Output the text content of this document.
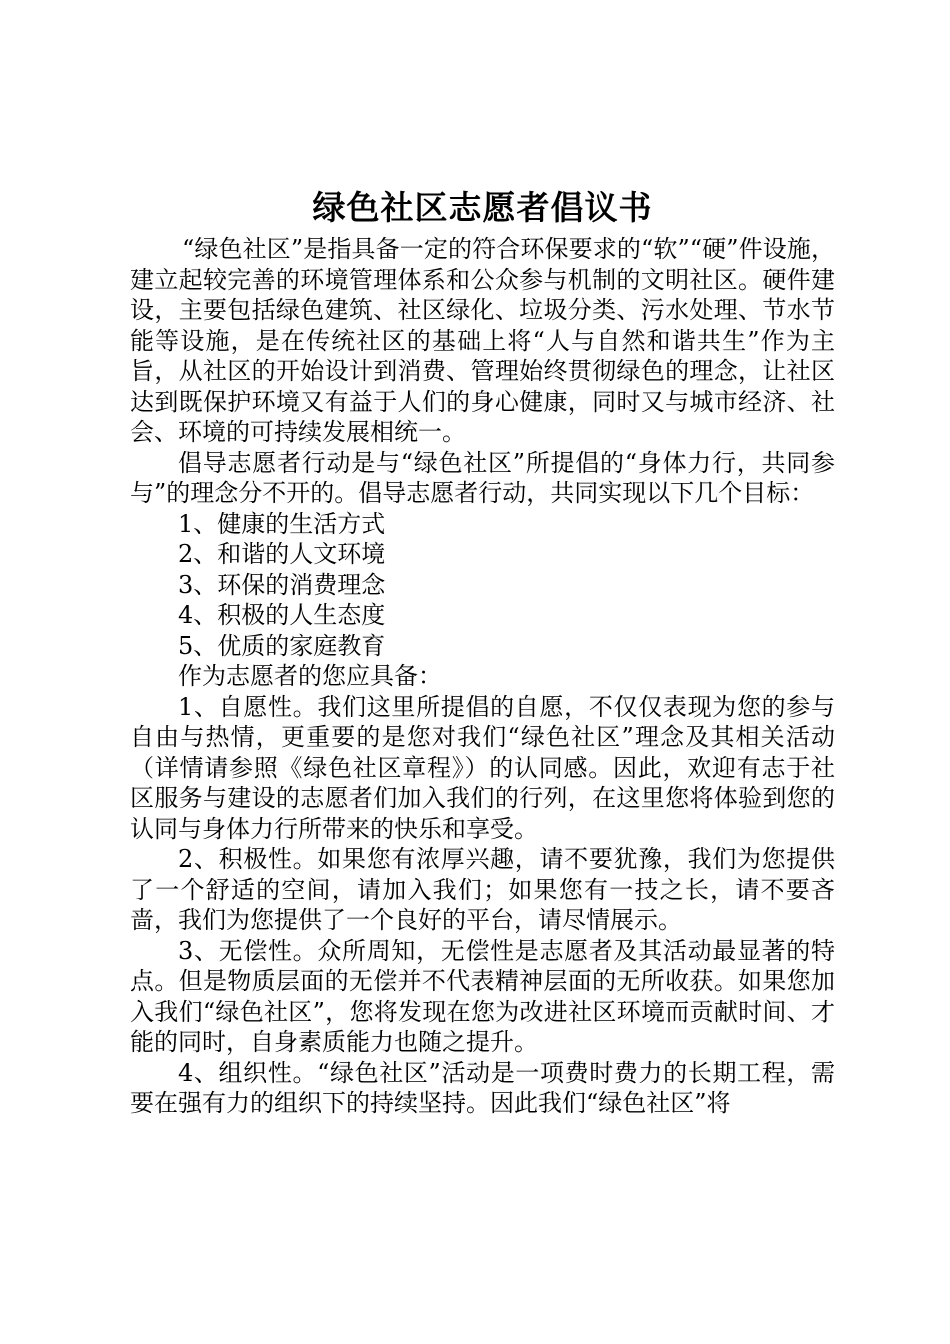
绿色社区志愿者倡议书

“绿色社区”是指具备一定的符合环保要求的“软”“硬”件设施，建立起较完善的环境管理体系和公众参与机制的文明社区。硬件建设，主要包括绿色建筑、社区绿化、垃圾分类、污水处理、节水节能等设施，是在传统社区的基础上将“人与自然和谐共生”作为主旨，从社区的开始设计到消费、管理始终贯彻绿色的理念，让社区达到既保护环境又有益于人们的身心健康，同时又与城市经济、社会、环境的可持续发展相统一。

倡导志愿者行动是与“绿色社区”所提倡的“身体力行，共同参与”的理念分不开的。倡导志愿者行动，共同实现以下几个目标：

1、健康的生活方式

2、和谐的人文环境

3、环保的消费理念

4、积极的人生态度

5、优质的家庭教育

作为志愿者的您应具备：

1、自愿性。我们这里所提倡的自愿，不仅仅表现为您的参与自由与热情，更重要的是您对我们“绿色社区”理念及其相关活动（详情请参照《绿色社区章程》）的认同感。因此，欢迎有志于社区服务与建设的志愿者们加入我们的行列，在这里您将体验到您的认同与身体力行所带来的快乐和享受。

2、积极性。如果您有浓厚兴趣，请不要犹豫，我们为您提供了一个舒适的空间，请加入我们；如果您有一技之长，请不要吝啬，我们为您提供了一个良好的平台，请尽情展示。

3、无偿性。众所周知，无偿性是志愿者及其活动最显著的特点。但是物质层面的无偿并不代表精神层面的无所收获。如果您加入我们“绿色社区”，您将发现在您为改进社区环境而贡献时间、才能的同时，自身素质能力也随之提升。

4、组织性。“绿色社区”活动是一项费时费力的长期工程，需要在强有力的组织下的持续坚持。因此我们“绿色社区”将
